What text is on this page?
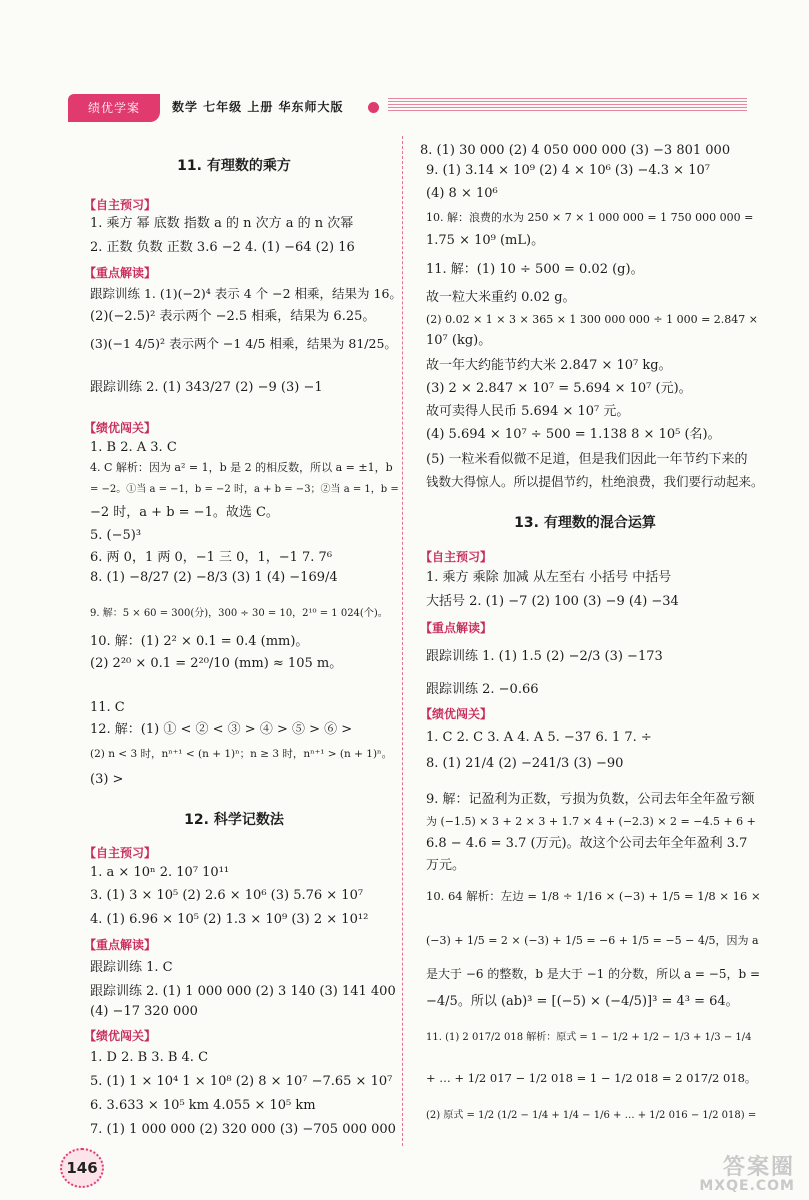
绩优学案	数学 七年级 上册 华东师大版
11. 有理数的乘方
【自主预习】
1. 乘方 幂 底数 指数 a 的 n 次方 a 的 n 次幂
2. 正数 负数 正数 3.6 −2 4. (1) −64 (2) 16
【重点解读】
跟踪训练 1. (1)(−2)⁴ 表示 4 个 −2 相乘，结果为 16。
(2)(−2.5)² 表示两个 −2.5 相乘，结果为 6.25。
(3)(−1 4/5)² 表示两个 −1 4/5 相乘，结果为 81/25。
跟踪训练 2. (1) 343/27 (2) −9 (3) −1
【绩优闯关】
1. B 2. A 3. C
4. C 解析：因为 a² = 1，b 是 2 的相反数，所以 a = ±1，b
= −2。①当 a = −1，b = −2 时，a + b = −3；②当 a = 1，b =
−2 时，a + b = −1。故选 C。
5. (−5)³
6. 两 0，1 两 0，−1 三 0，1，−1 7. 7⁶
8. (1) −8/27 (2) −8/3 (3) 1 (4) −169/4
9. 解：5 × 60 = 300(分)，300 ÷ 30 = 10，2¹⁰ = 1 024(个)。
10. 解：(1) 2² × 0.1 = 0.4 (mm)。
(2) 2²⁰ × 0.1 = 2²⁰/10 (mm) ≈ 105 m。
11. C
12. 解：(1) ① < ② < ③ > ④ > ⑤ > ⑥ >
(2) n < 3 时，nⁿ⁺¹ < (n + 1)ⁿ；n ≥ 3 时，nⁿ⁺¹ > (n + 1)ⁿ。
(3) >
12. 科学记数法
【自主预习】
1. a × 10ⁿ 2. 10⁷ 10¹¹
3. (1) 3 × 10⁵ (2) 2.6 × 10⁶ (3) 5.76 × 10⁷
4. (1) 6.96 × 10⁵ (2) 1.3 × 10⁹ (3) 2 × 10¹²
【重点解读】
跟踪训练 1. C
跟踪训练 2. (1) 1 000 000 (2) 3 140 (3) 141 400
(4) −17 320 000
【绩优闯关】
1. D 2. B 3. B 4. C
5. (1) 1 × 10⁴ 1 × 10⁸ (2) 8 × 10⁷ −7.65 × 10⁷
6. 3.633 × 10⁵ km 4.055 × 10⁵ km
7. (1) 1 000 000 (2) 320 000 (3) −705 000 000
8. (1) 30 000 (2) 4 050 000 000 (3) −3 801 000
9. (1) 3.14 × 10⁹ (2) 4 × 10⁶ (3) −4.3 × 10⁷
(4) 8 × 10⁶
10. 解：浪费的水为 250 × 7 × 1 000 000 = 1 750 000 000 =
1.75 × 10⁹ (mL)。
11. 解：(1) 10 ÷ 500 = 0.02 (g)。
故一粒大米重约 0.02 g。
(2) 0.02 × 1 × 3 × 365 × 1 300 000 000 ÷ 1 000 = 2.847 ×
10⁷ (kg)。
故一年大约能节约大米 2.847 × 10⁷ kg。
(3) 2 × 2.847 × 10⁷ = 5.694 × 10⁷ (元)。
故可卖得人民币 5.694 × 10⁷ 元。
(4) 5.694 × 10⁷ ÷ 500 = 1.138 8 × 10⁵ (名)。
(5) 一粒米看似微不足道，但是我们因此一年节约下来的
钱数大得惊人。所以提倡节约，杜绝浪费，我们要行动起来。
13. 有理数的混合运算
【自主预习】
1. 乘方 乘除 加减 从左至右 小括号 中括号
大括号 2. (1) −7 (2) 100 (3) −9 (4) −34
【重点解读】
跟踪训练 1. (1) 1.5 (2) −2/3 (3) −173
跟踪训练 2. −0.66
【绩优闯关】
1. C 2. C 3. A 4. A 5. −37 6. 1 7. ÷
8. (1) 21/4 (2) −241/3 (3) −90
9. 解：记盈利为正数，亏损为负数，公司去年全年盈亏额
为 (−1.5) × 3 + 2 × 3 + 1.7 × 4 + (−2.3) × 2 = −4.5 + 6 +
6.8 − 4.6 = 3.7 (万元)。故这个公司去年全年盈利 3.7
万元。
10. 64 解析：左边 = 1/8 ÷ 1/16 × (−3) + 1/5 = 1/8 × 16 ×
(−3) + 1/5 = 2 × (−3) + 1/5 = −6 + 1/5 = −5 − 4/5，因为 a
是大于 −6 的整数，b 是大于 −1 的分数，所以 a = −5，b =
−4/5。所以 (ab)³ = [(−5) × (−4/5)]³ = 4³ = 64。
11. (1) 2 017/2 018 解析：原式 = 1 − 1/2 + 1/2 − 1/3 + 1/3 − 1/4
+ … + 1/2 017 − 1/2 018 = 1 − 1/2 018 = 2 017/2 018。
(2) 原式 = 1/2 (1/2 − 1/4 + 1/4 − 1/6 + … + 1/2 016 − 1/2 018) =
146	答案圈
MXQE.COM
